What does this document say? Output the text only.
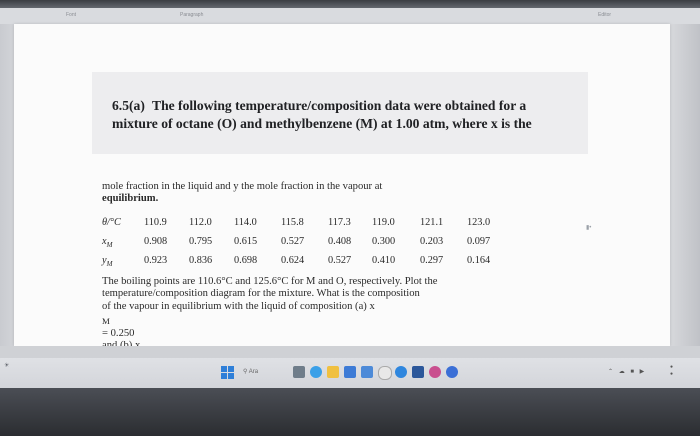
Font	Paragraph	Editor
6.5(a) The following temperature/composition data were obtained for a
mixture of octane (O) and methylbenzene (M) at 1.00 atm, where x is the
mole fraction in the liquid and y the mole fraction in the vapour at
equilibrium.
θ/°C 110.9 112.0 114.0 115.8 117.3 119.0 121.1 123.0
$x_M$	0.908 0.795 0.615 0.527 0.408 0.300 0.203 0.097
$y_M$	0.923 0.836 0.698 0.624 0.527 0.410 0.297 0.164
The boiling points are 110.6°C and 125.6°C for M and O, respectively. Plot the
temperature/composition diagram for the mixture. What is the composition
of the vapour in equilibrium with the liquid of composition (a) x
$_M$
= 0.250
▮•
☀
⚲ Ara	⌃ ☁ ■ ▶
●
●
